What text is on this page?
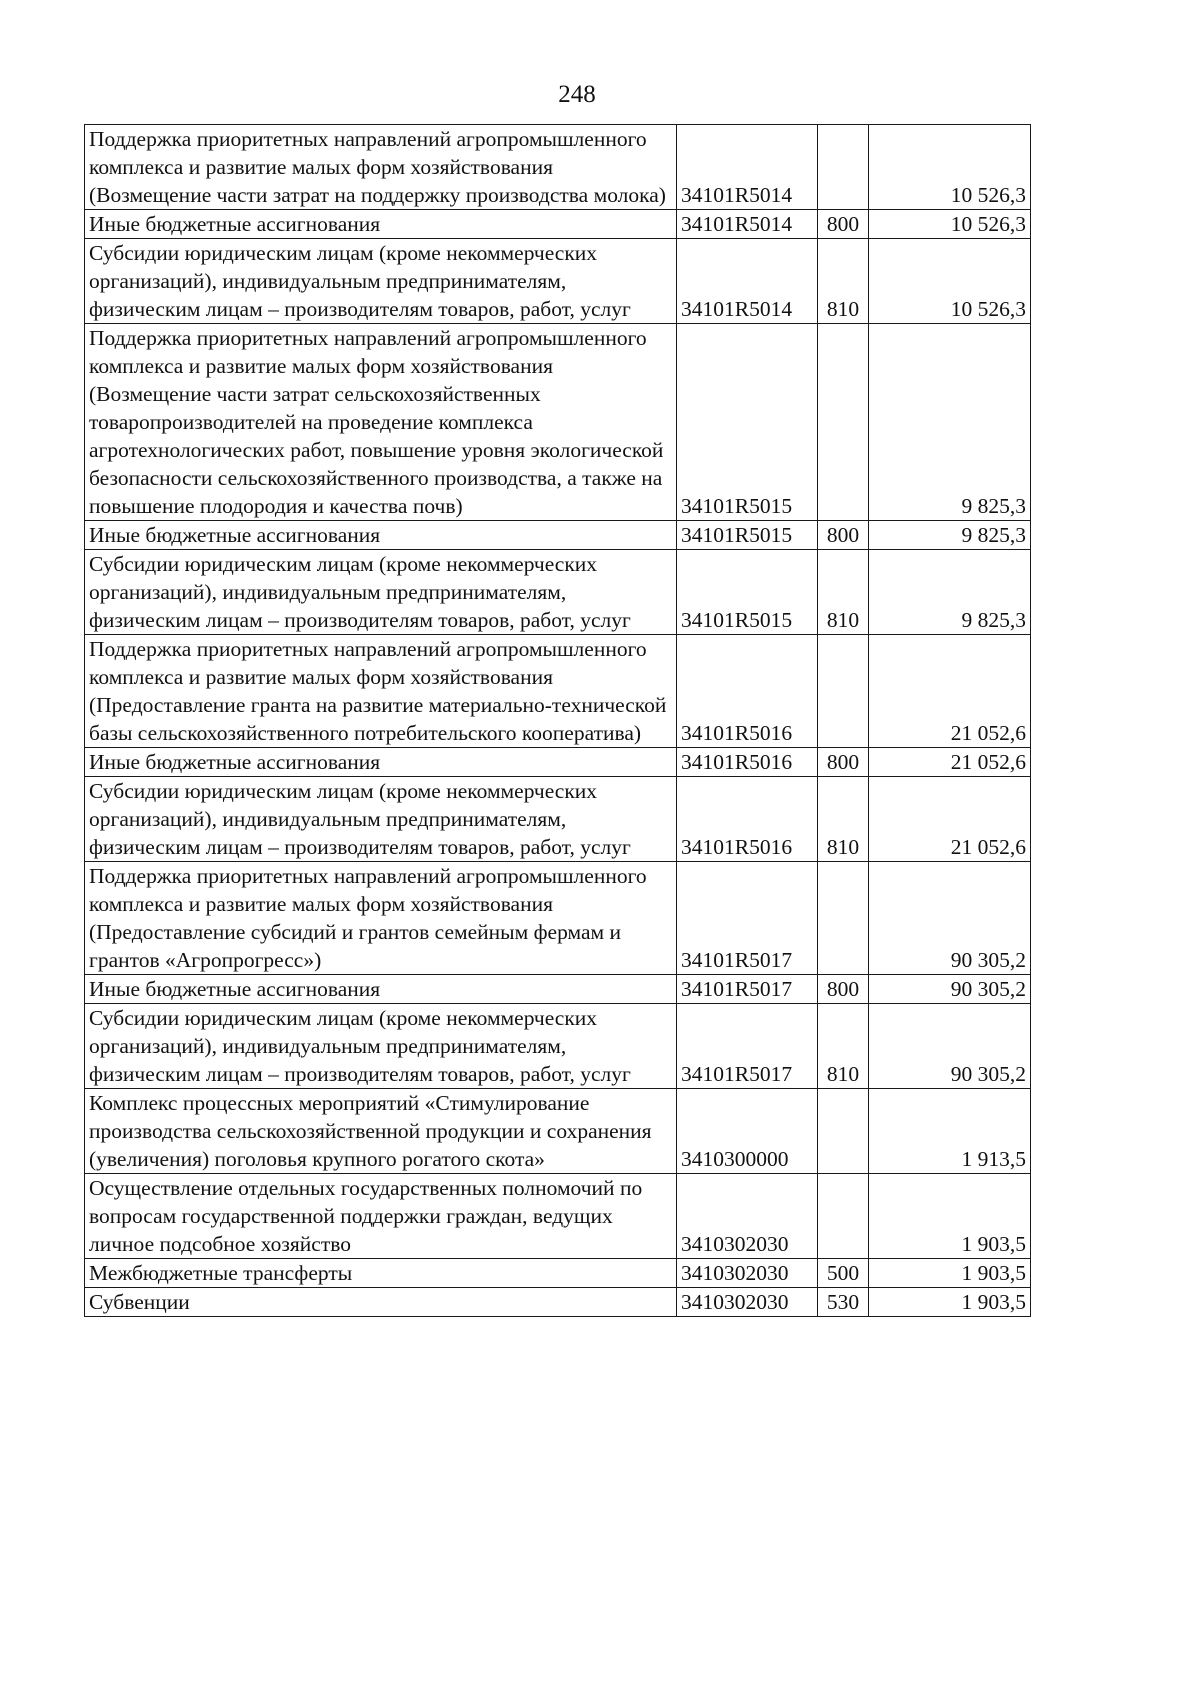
248
Поддержка приоритетных направлений агропромышленного комплекса и развитие малых форм хозяйствования (Возмещение части затрат на поддержку производства молока)	34101R5014		10 526,3
Иные бюджетные ассигнования	34101R5014	800	10 526,3
Субсидии юридическим лицам (кроме некоммерческих организаций), индивидуальным предпринимателям, физическим лицам – производителям товаров, работ, услуг	34101R5014	810	10 526,3
Поддержка приоритетных направлений агропромышленного комплекса и развитие малых форм хозяйствования (Возмещение части затрат сельскохозяйственных товаропроизводителей на проведение комплекса агротехнологических работ, повышение уровня экологической безопасности сельскохозяйственного производства, а также на повышение плодородия и качества почв)	34101R5015		9 825,3
Иные бюджетные ассигнования	34101R5015	800	9 825,3
Субсидии юридическим лицам (кроме некоммерческих организаций), индивидуальным предпринимателям, физическим лицам – производителям товаров, работ, услуг	34101R5015	810	9 825,3
Поддержка приоритетных направлений агропромышленного комплекса и развитие малых форм хозяйствования (Предоставление гранта на развитие материально-технической базы сельскохозяйственного потребительского кооператива)	34101R5016		21 052,6
Иные бюджетные ассигнования	34101R5016	800	21 052,6
Субсидии юридическим лицам (кроме некоммерческих организаций), индивидуальным предпринимателям, физическим лицам – производителям товаров, работ, услуг	34101R5016	810	21 052,6
Поддержка приоритетных направлений агропромышленного комплекса и развитие малых форм хозяйствования (Предоставление субсидий и грантов семейным фермам и грантов «Агропрогресс»)	34101R5017		90 305,2
Иные бюджетные ассигнования	34101R5017	800	90 305,2
Субсидии юридическим лицам (кроме некоммерческих организаций), индивидуальным предпринимателям, физическим лицам – производителям товаров, работ, услуг	34101R5017	810	90 305,2
Комплекс процессных мероприятий «Стимулирование производства сельскохозяйственной продукции и сохранения (увеличения) поголовья крупного рогатого скота»	3410300000		1 913,5
Осуществление отдельных государственных полномочий по вопросам государственной поддержки граждан, ведущих личное подсобное хозяйство	3410302030		1 903,5
Межбюджетные трансферты	3410302030	500	1 903,5
Субвенции	3410302030	530	1 903,5
